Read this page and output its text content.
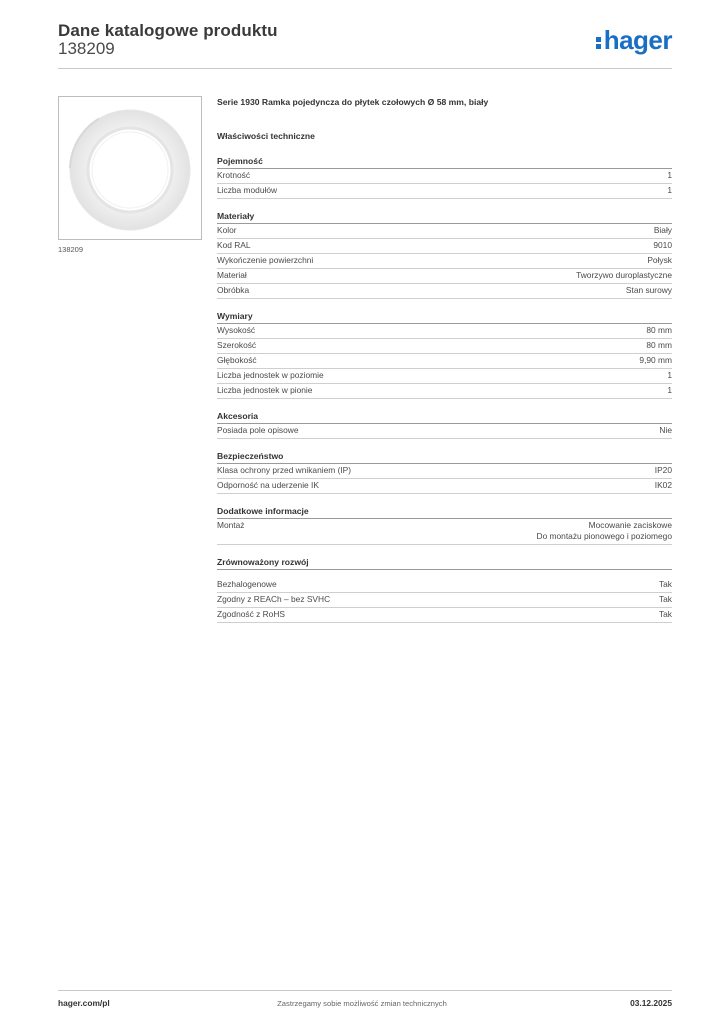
Dane katalogowe produktu
138209	hager
138209
Serie 1930 Ramka pojedyncza do płytek czołowych Ø 58 mm, biały
Właściwości techniczne
Pojemność
Krotność	1
Liczba modułów	1
Materiały
Kolor	Biały
Kod RAL	9010
Wykończenie powierzchni	Połysk
Materiał	Tworzywo duroplastyczne
Obróbka	Stan surowy
Wymiary
Wysokość	80 mm
Szerokość	80 mm
Głębokość	9,90 mm
Liczba jednostek w poziomie	1
Liczba jednostek w pionie	1
Akcesoria
Posiada pole opisowe	Nie
Bezpieczeństwo
Klasa ochrony przed wnikaniem (IP)	IP20
Odporność na uderzenie IK	IK02
Dodatkowe informacje
Montaż	Mocowanie zaciskowe
Do montażu pionowego i poziomego
Zrównoważony rozwój
Bezhalogenowe	Tak
Zgodny z REACh – bez SVHC	Tak
Zgodność z RoHS	Tak
hager.com/pl	Zastrzegamy sobie możliwość zmian technicznych	03.12.2025
